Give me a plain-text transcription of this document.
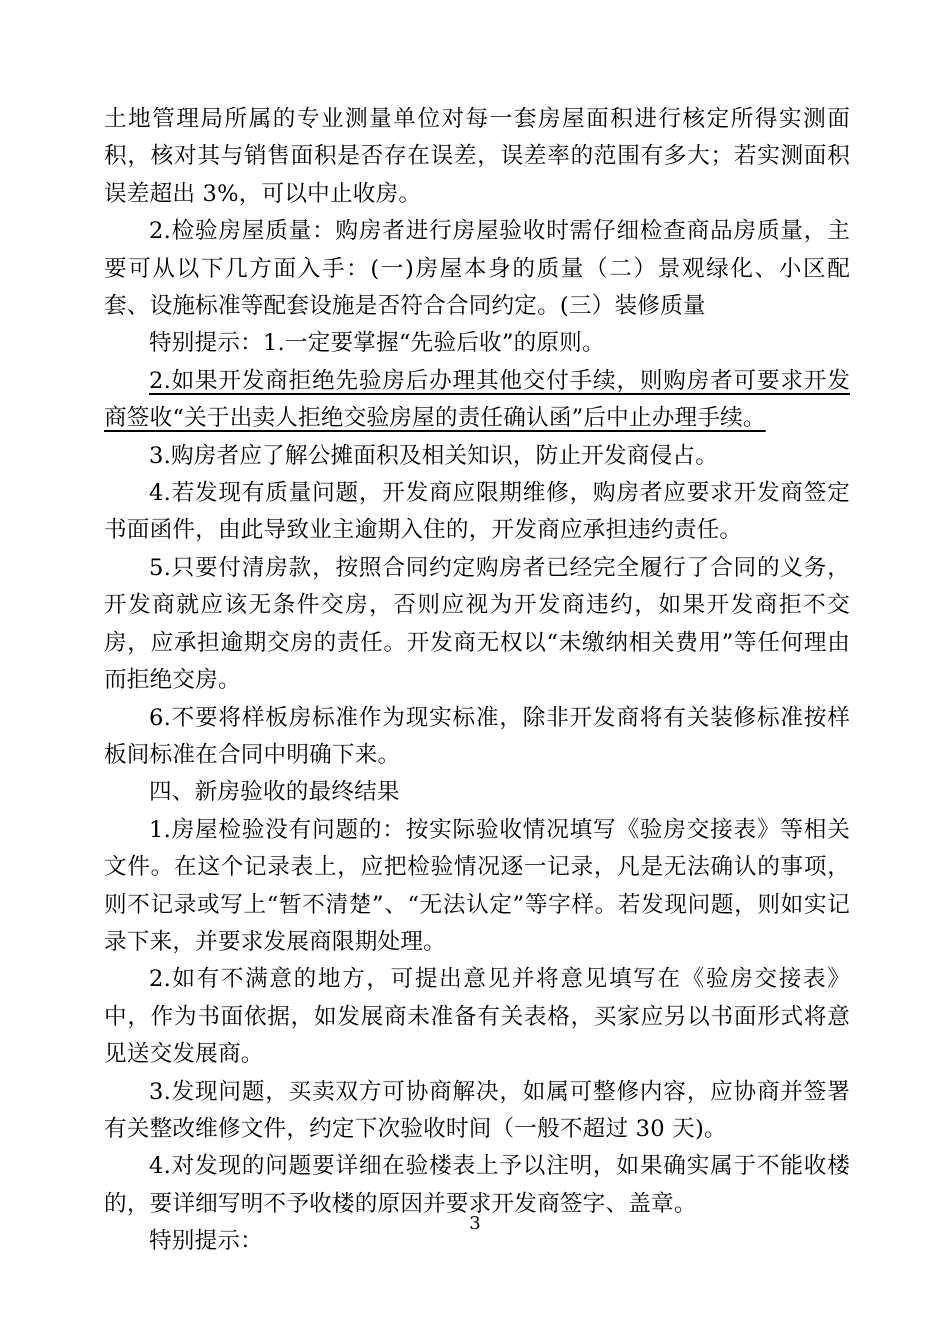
土地管理局所属的专业测量单位对每一套房屋面积进行核定所得实测面积，核对其与销售面积是否存在误差，误差率的范围有多大；若实测面积误差超出 3%，可以中止收房。

2.检验房屋质量：购房者进行房屋验收时需仔细检查商品房质量，主要可从以下几方面入手：(一)房屋本身的质量（二）景观绿化、小区配套、设施标准等配套设施是否符合合同约定。(三）装修质量

特别提示：1.一定要掌握“先验后收”的原则。

2.如果开发商拒绝先验房后办理其他交付手续，则购房者可要求开发商签收“关于出卖人拒绝交验房屋的责任确认函”后中止办理手续。

3.购房者应了解公摊面积及相关知识，防止开发商侵占。

4.若发现有质量问题，开发商应限期维修，购房者应要求开发商签定书面函件，由此导致业主逾期入住的，开发商应承担违约责任。

5.只要付清房款，按照合同约定购房者已经完全履行了合同的义务，开发商就应该无条件交房，否则应视为开发商违约，如果开发商拒不交房，应承担逾期交房的责任。开发商无权以“未缴纳相关费用”等任何理由而拒绝交房。

6.不要将样板房标准作为现实标准，除非开发商将有关装修标准按样板间标准在合同中明确下来。

四、新房验收的最终结果

1.房屋检验没有问题的：按实际验收情况填写《验房交接表》等相关文件。在这个记录表上，应把检验情况逐一记录，凡是无法确认的事项，则不记录或写上“暂不清楚”、“无法认定”等字样。若发现问题，则如实记录下来，并要求发展商限期处理。

2.如有不满意的地方，可提出意见并将意见填写在《验房交接表》中，作为书面依据，如发展商未准备有关表格，买家应另以书面形式将意见送交发展商。

3.发现问题，买卖双方可协商解决，如属可整修内容，应协商并签署有关整改维修文件，约定下次验收时间（一般不超过 30 天)。

4.对发现的问题要详细在验楼表上予以注明，如果确实属于不能收楼的，要详细写明不予收楼的原因并要求开发商签字、盖章。

特别提示：

3
